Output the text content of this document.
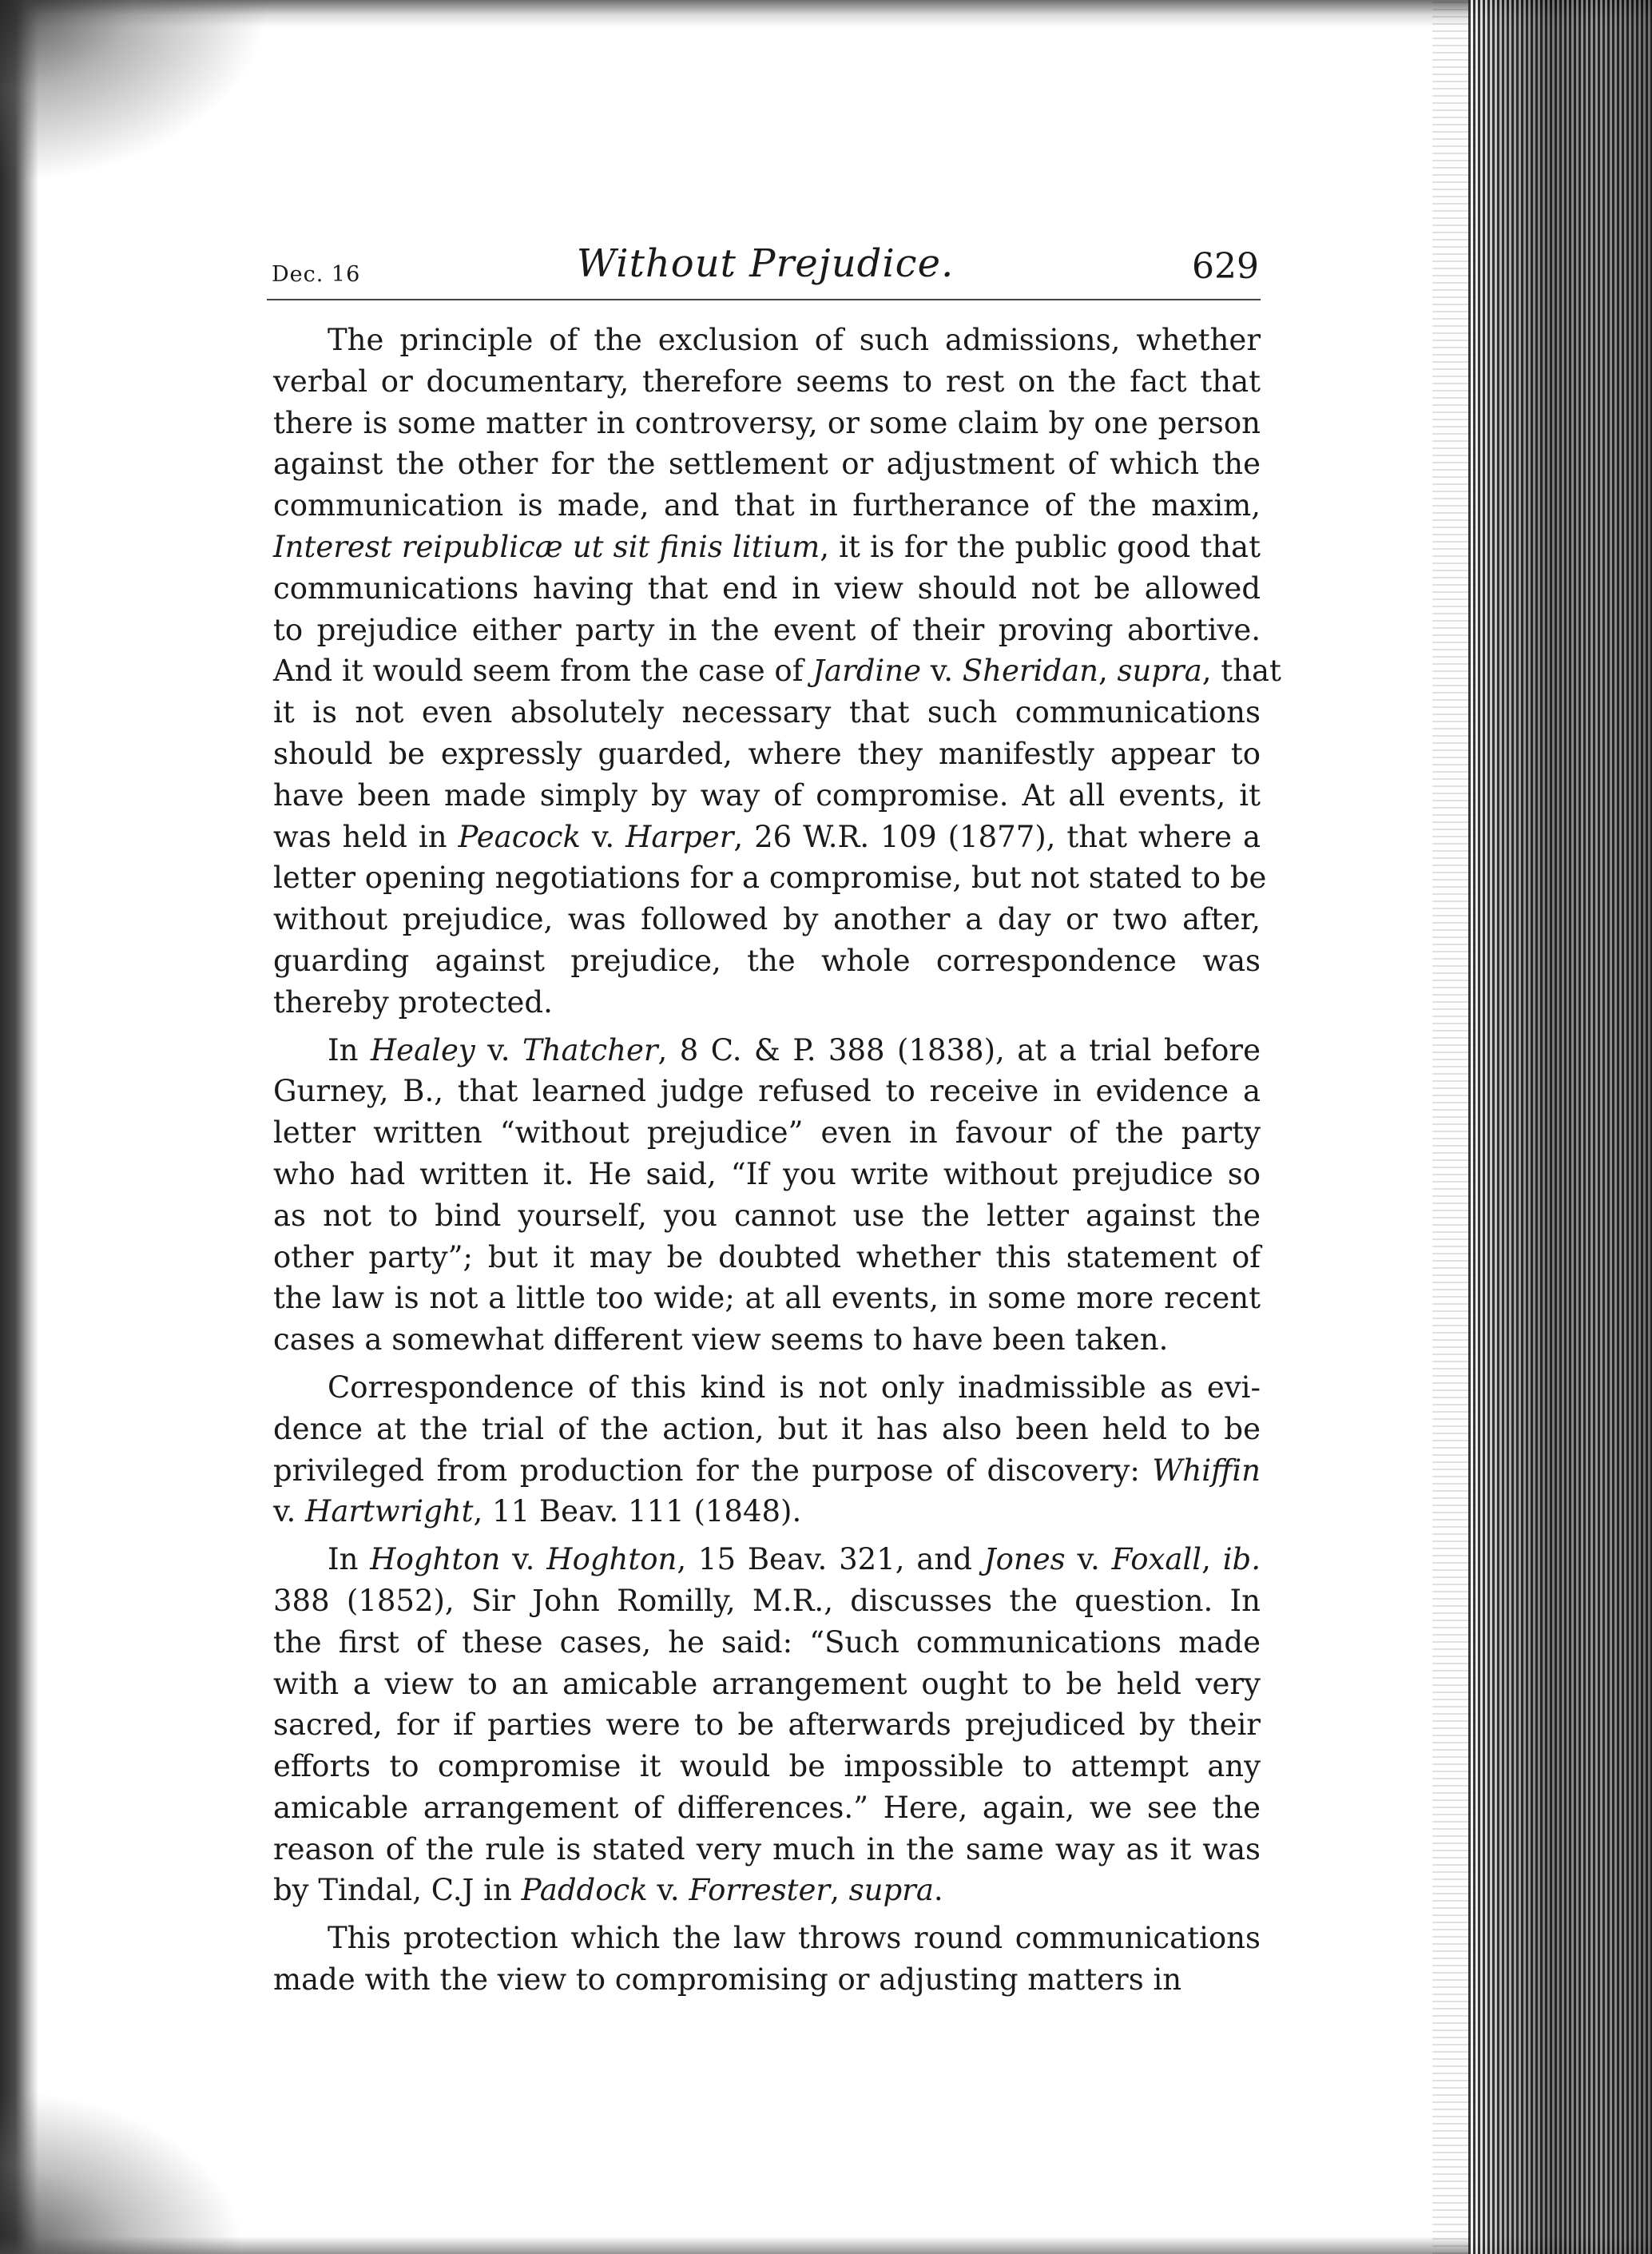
Dec. 16	Without Prejudice.	629

The principle of the exclusion of such admissions, whether
verbal or documentary, therefore seems to rest on the fact that
there is some matter in controversy, or some claim by one person
against the other for the settlement or adjustment of which the
communication is made, and that in furtherance of the maxim,
Interest reipublicæ ut sit finis litium, it is for the public good that
communications having that end in view should not be allowed
to prejudice either party in the event of their proving abortive.
And it would seem from the case of Jardine v. Sheridan, supra, that
it is not even absolutely necessary that such communications
should be expressly guarded, where they manifestly appear to
have been made simply by way of compromise. At all events, it
was held in Peacock v. Harper, 26 W.R. 109 (1877), that where a
letter opening negotiations for a compromise, but not stated to be
without prejudice, was followed by another a day or two after,
guarding against prejudice, the whole correspondence was
thereby protected.

In Healey v. Thatcher, 8 C. & P. 388 (1838), at a trial before
Gurney, B., that learned judge refused to receive in evidence a
letter written “without prejudice” even in favour of the party
who had written it. He said, “If you write without prejudice so
as not to bind yourself, you cannot use the letter against the
other party”; but it may be doubted whether this statement of
the law is not a little too wide; at all events, in some more recent
cases a somewhat different view seems to have been taken.

Correspondence of this kind is not only inadmissible as evi-
dence at the trial of the action, but it has also been held to be
privileged from production for the purpose of discovery: Whiffin
v. Hartwright, 11 Beav. 111 (1848).

In Hoghton v. Hoghton, 15 Beav. 321, and Jones v. Foxall, ib.
388 (1852), Sir John Romilly, M.R., discusses the question. In
the first of these cases, he said: “Such communications made
with a view to an amicable arrangement ought to be held very
sacred, for if parties were to be afterwards prejudiced by their
efforts to compromise it would be impossible to attempt any
amicable arrangement of differences.” Here, again, we see the
reason of the rule is stated very much in the same way as it was
by Tindal, C.J in Paddock v. Forrester, supra.

This protection which the law throws round communications
made with the view to compromising or adjusting matters in
